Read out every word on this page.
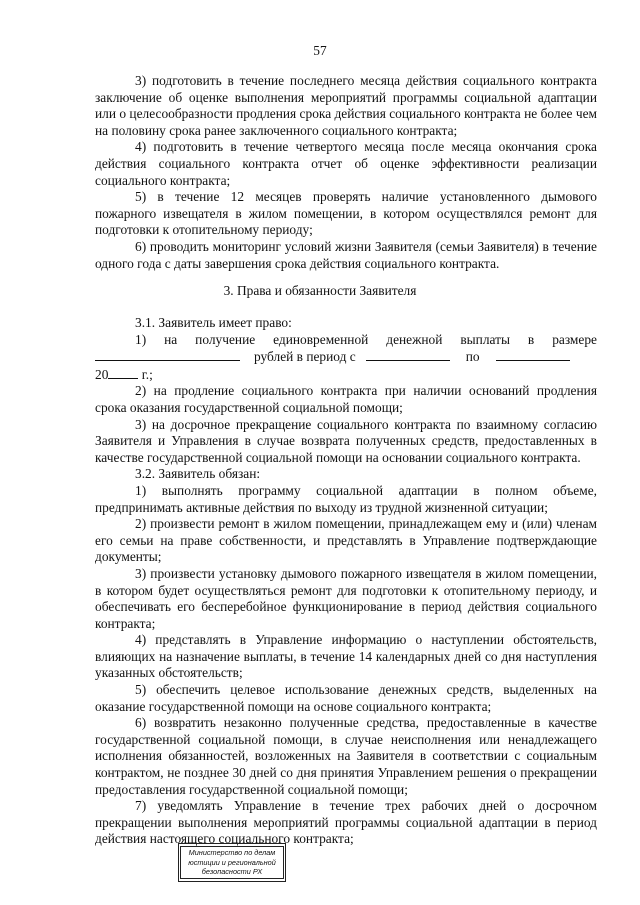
57

3) подготовить в течение последнего месяца действия социального контракта заключение об оценке выполнения мероприятий программы социальной адаптации или о целесообразности продления срока действия социального контракта не более чем на половину срока ранее заключенного социального контракта;

4) подготовить в течение четвертого месяца после месяца окончания срока действия социального контракта отчет об оценке эффективности реализации социального контракта;

5) в течение 12 месяцев проверять наличие установленного дымового пожарного извещателя в жилом помещении, в котором осуществлялся ремонт для подготовки к отопительному периоду;

6) проводить мониторинг условий жизни Заявителя (семьи Заявителя) в течение одного года с даты завершения срока действия социального контракта.

3. Права и обязанности Заявителя

3.1. Заявитель имеет право:

1) на получение единовременной денежной выплаты в размере

рублей в период с	по
20 г.;

2) на продление социального контракта при наличии оснований продления срока оказания государственной социальной помощи;

3) на досрочное прекращение социального контракта по взаимному согласию Заявителя и Управления в случае возврата полученных средств, предоставленных в качестве государственной социальной помощи на основании социального контракта.

3.2. Заявитель обязан:

1) выполнять программу социальной адаптации в полном объеме, предпринимать активные действия по выходу из трудной жизненной ситуации;

2) произвести ремонт в жилом помещении, принадлежащем ему и (или) членам его семьи на праве собственности, и представлять в Управление подтверждающие документы;

3) произвести установку дымового пожарного извещателя в жилом помещении, в котором будет осуществляться ремонт для подготовки к отопительному периоду, и обеспечивать его бесперебойное функционирование в период действия социального контракта;

4) представлять в Управление информацию о наступлении обстоятельств, влияющих на назначение выплаты, в течение 14 календарных дней со дня наступления указанных обстоятельств;

5) обеспечить целевое использование денежных средств, выделенных на оказание государственной помощи на основе социального контракта;

6) возвратить незаконно полученные средства, предоставленные в качестве государственной социальной помощи, в случае неисполнения или ненадлежащего исполнения обязанностей, возложенных на Заявителя в соответствии с социальным контрактом, не позднее 30 дней со дня принятия Управлением решения о прекращении предоставления государственной социальной помощи;

7) уведомлять Управление в течение трех рабочих дней о досрочном прекращении выполнения мероприятий программы социальной адаптации в период действия настоящего социального контракта;

Министерство по делам
юстиции и региональной
безопасности РХ
